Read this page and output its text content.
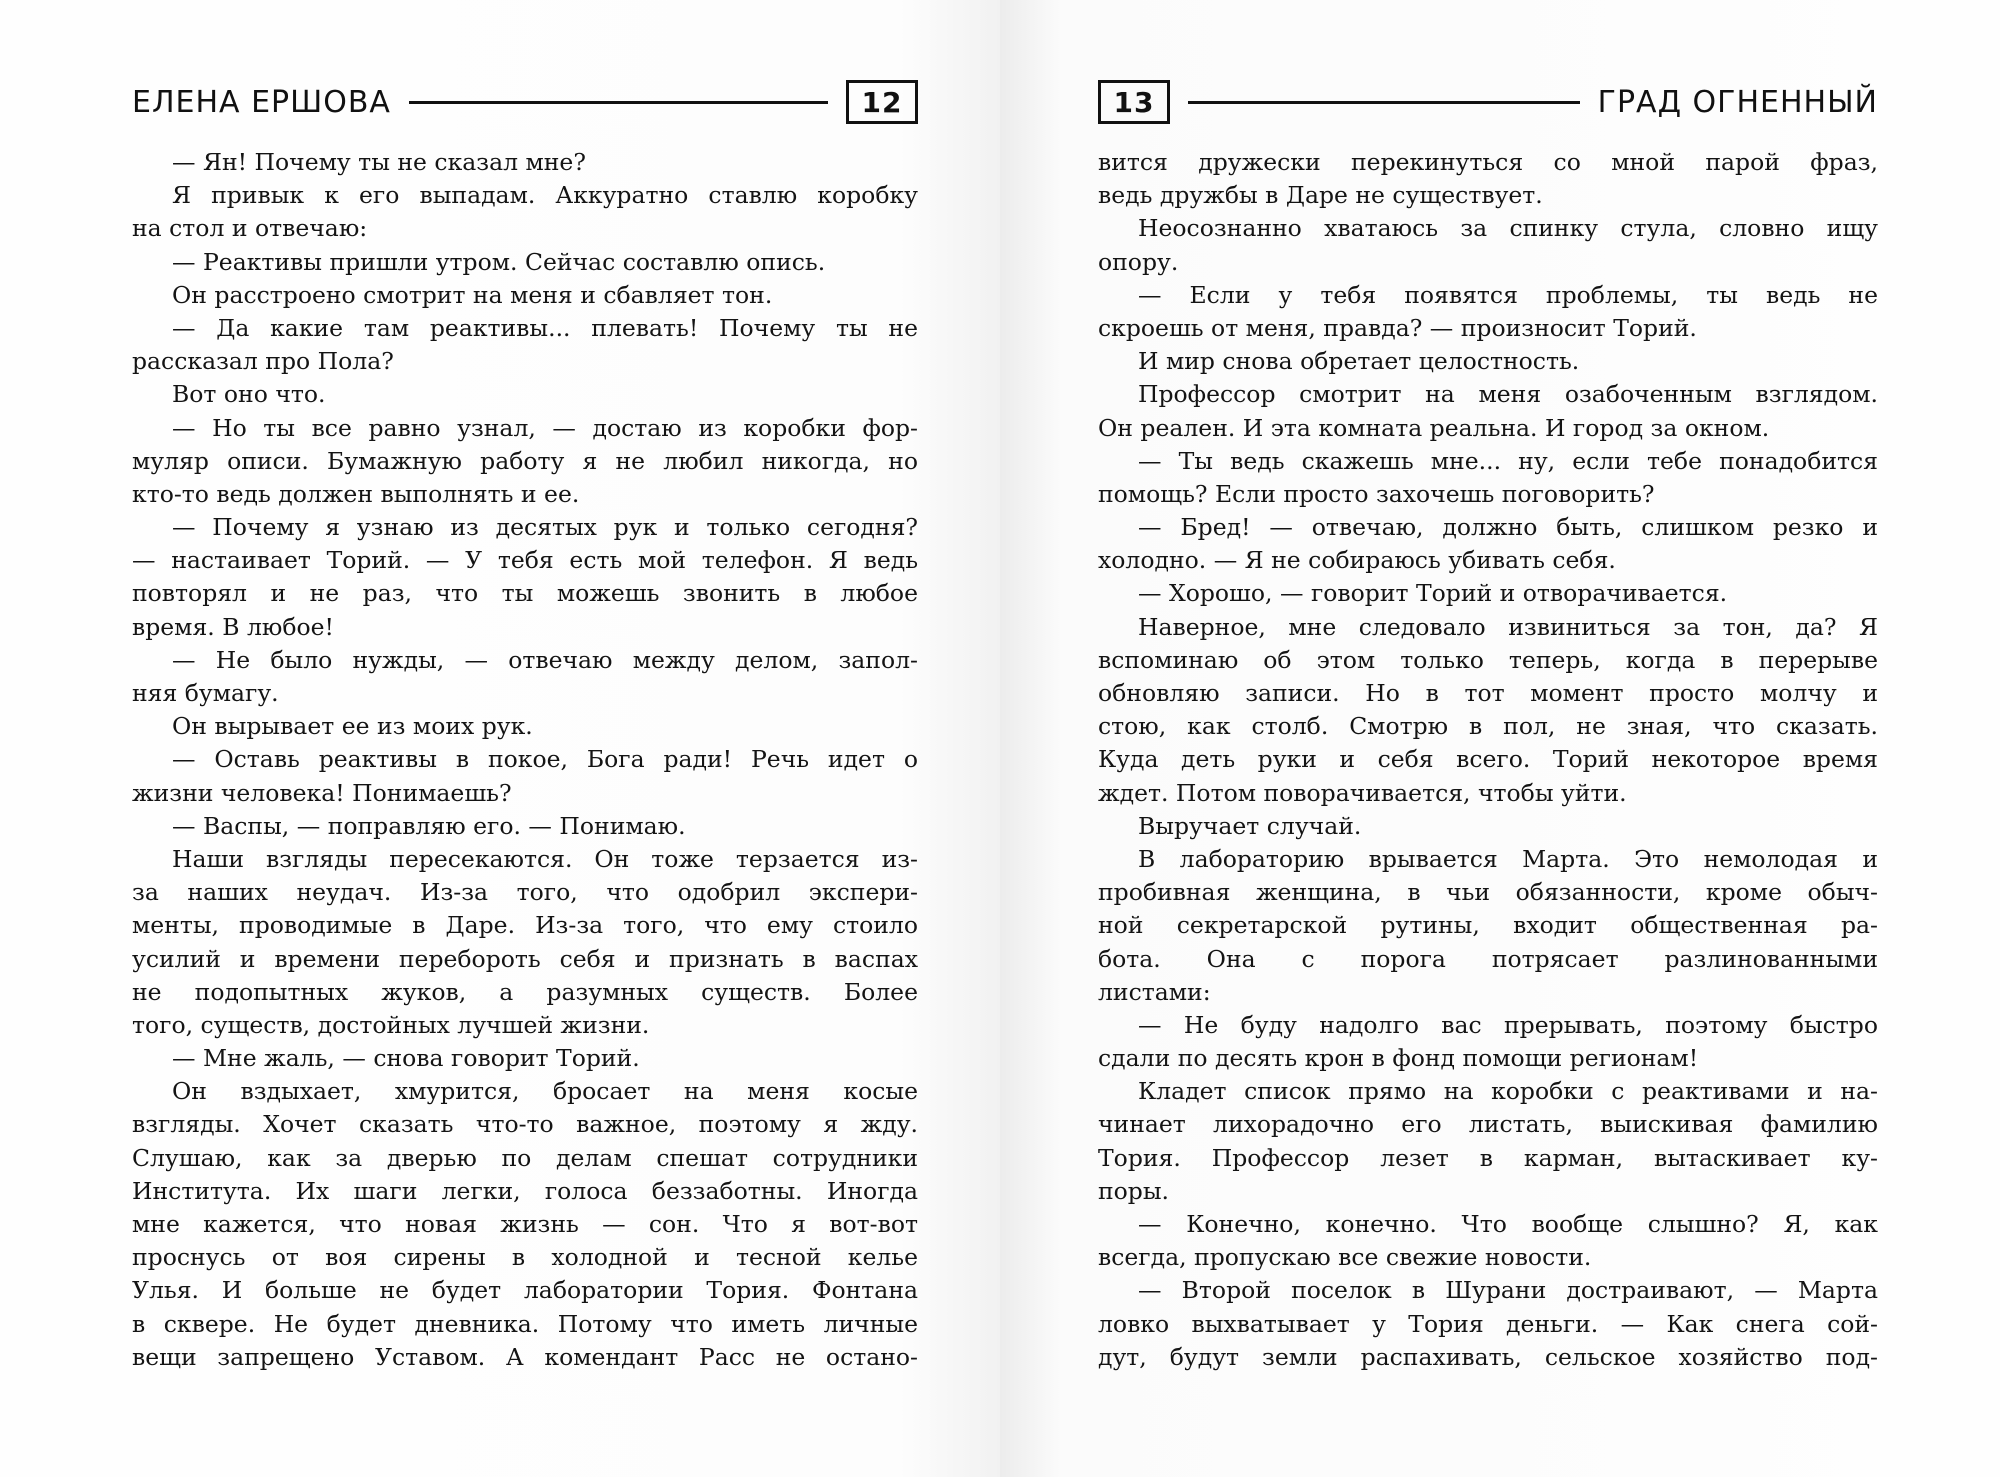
ЕЛЕНА ЕРШОВА	12
— Ян! Почему ты не сказал мне?
Я привык к его выпадам. Аккуратно ставлю коробку
на стол и отвечаю:
— Реактивы пришли утром. Сейчас составлю опись.
Он расстроено смотрит на меня и сбавляет тон.
— Да какие там реактивы... плевать! Почему ты не
рассказал про Пола?
Вот оно что.
— Но ты все равно узнал, — достаю из коробки фор-
муляр описи. Бумажную работу я не любил никогда, но
кто-то ведь должен выполнять и ее.
— Почему я узнаю из десятых рук и только сегодня?
— настаивает Торий. — У тебя есть мой телефон. Я ведь
повторял и не раз, что ты можешь звонить в любое
время. В любое!
— Не было нужды, — отвечаю между делом, запол-
няя бумагу.
Он вырывает ее из моих рук.
— Оставь реактивы в покое, Бога ради! Речь идет о
жизни человека! Понимаешь?
— Васпы, — поправляю его. — Понимаю.
Наши взгляды пересекаются. Он тоже терзается из-
за наших неудач. Из-за того, что одобрил экспери-
менты, проводимые в Даре. Из-за того, что ему стоило
усилий и времени перебороть себя и признать в васпах
не подопытных жуков, а разумных существ. Более
того, существ, достойных лучшей жизни.
— Мне жаль, — снова говорит Торий.
Он вздыхает, хмурится, бросает на меня косые
взгляды. Хочет сказать что-то важное, поэтому я жду.
Слушаю, как за дверью по делам спешат сотрудники
Института. Их шаги легки, голоса беззаботны. Иногда
мне кажется, что новая жизнь — сон. Что я вот-вот
проснусь от воя сирены в холодной и тесной келье
Улья. И больше не будет лаборатории Тория. Фонтана
в сквере. Не будет дневника. Потому что иметь личные
вещи запрещено Уставом. А комендант Расс не остано-
13	ГРАД ОГНЕННЫЙ
вится дружески перекинуться со мной парой фраз,
ведь дружбы в Даре не существует.
Неосознанно хватаюсь за спинку стула, словно ищу
опору.
— Если у тебя появятся проблемы, ты ведь не
скроешь от меня, правда? — произносит Торий.
И мир снова обретает целостность.
Профессор смотрит на меня озабоченным взглядом.
Он реален. И эта комната реальна. И город за окном.
— Ты ведь скажешь мне... ну, если тебе понадобится
помощь? Если просто захочешь поговорить?
— Бред! — отвечаю, должно быть, слишком резко и
холодно. — Я не собираюсь убивать себя.
— Хорошо, — говорит Торий и отворачивается.
Наверное, мне следовало извиниться за тон, да? Я
вспоминаю об этом только теперь, когда в перерыве
обновляю записи. Но в тот момент просто молчу и
стою, как столб. Смотрю в пол, не зная, что сказать.
Куда деть руки и себя всего. Торий некоторое время
ждет. Потом поворачивается, чтобы уйти.
Выручает случай.
В лабораторию врывается Марта. Это немолодая и
пробивная женщина, в чьи обязанности, кроме обыч-
ной секретарской рутины, входит общественная ра-
бота. Она с порога потрясает разлинованными
листами:
— Не буду надолго вас прерывать, поэтому быстро
сдали по десять крон в фонд помощи регионам!
Кладет список прямо на коробки с реактивами и на-
чинает лихорадочно его листать, выискивая фамилию
Тория. Профессор лезет в карман, вытаскивает ку-
поры.
— Конечно, конечно. Что вообще слышно? Я, как
всегда, пропускаю все свежие новости.
— Второй поселок в Шурани достраивают, — Марта
ловко выхватывает у Тория деньги. — Как снега сой-
дут, будут земли распахивать, сельское хозяйство под-
